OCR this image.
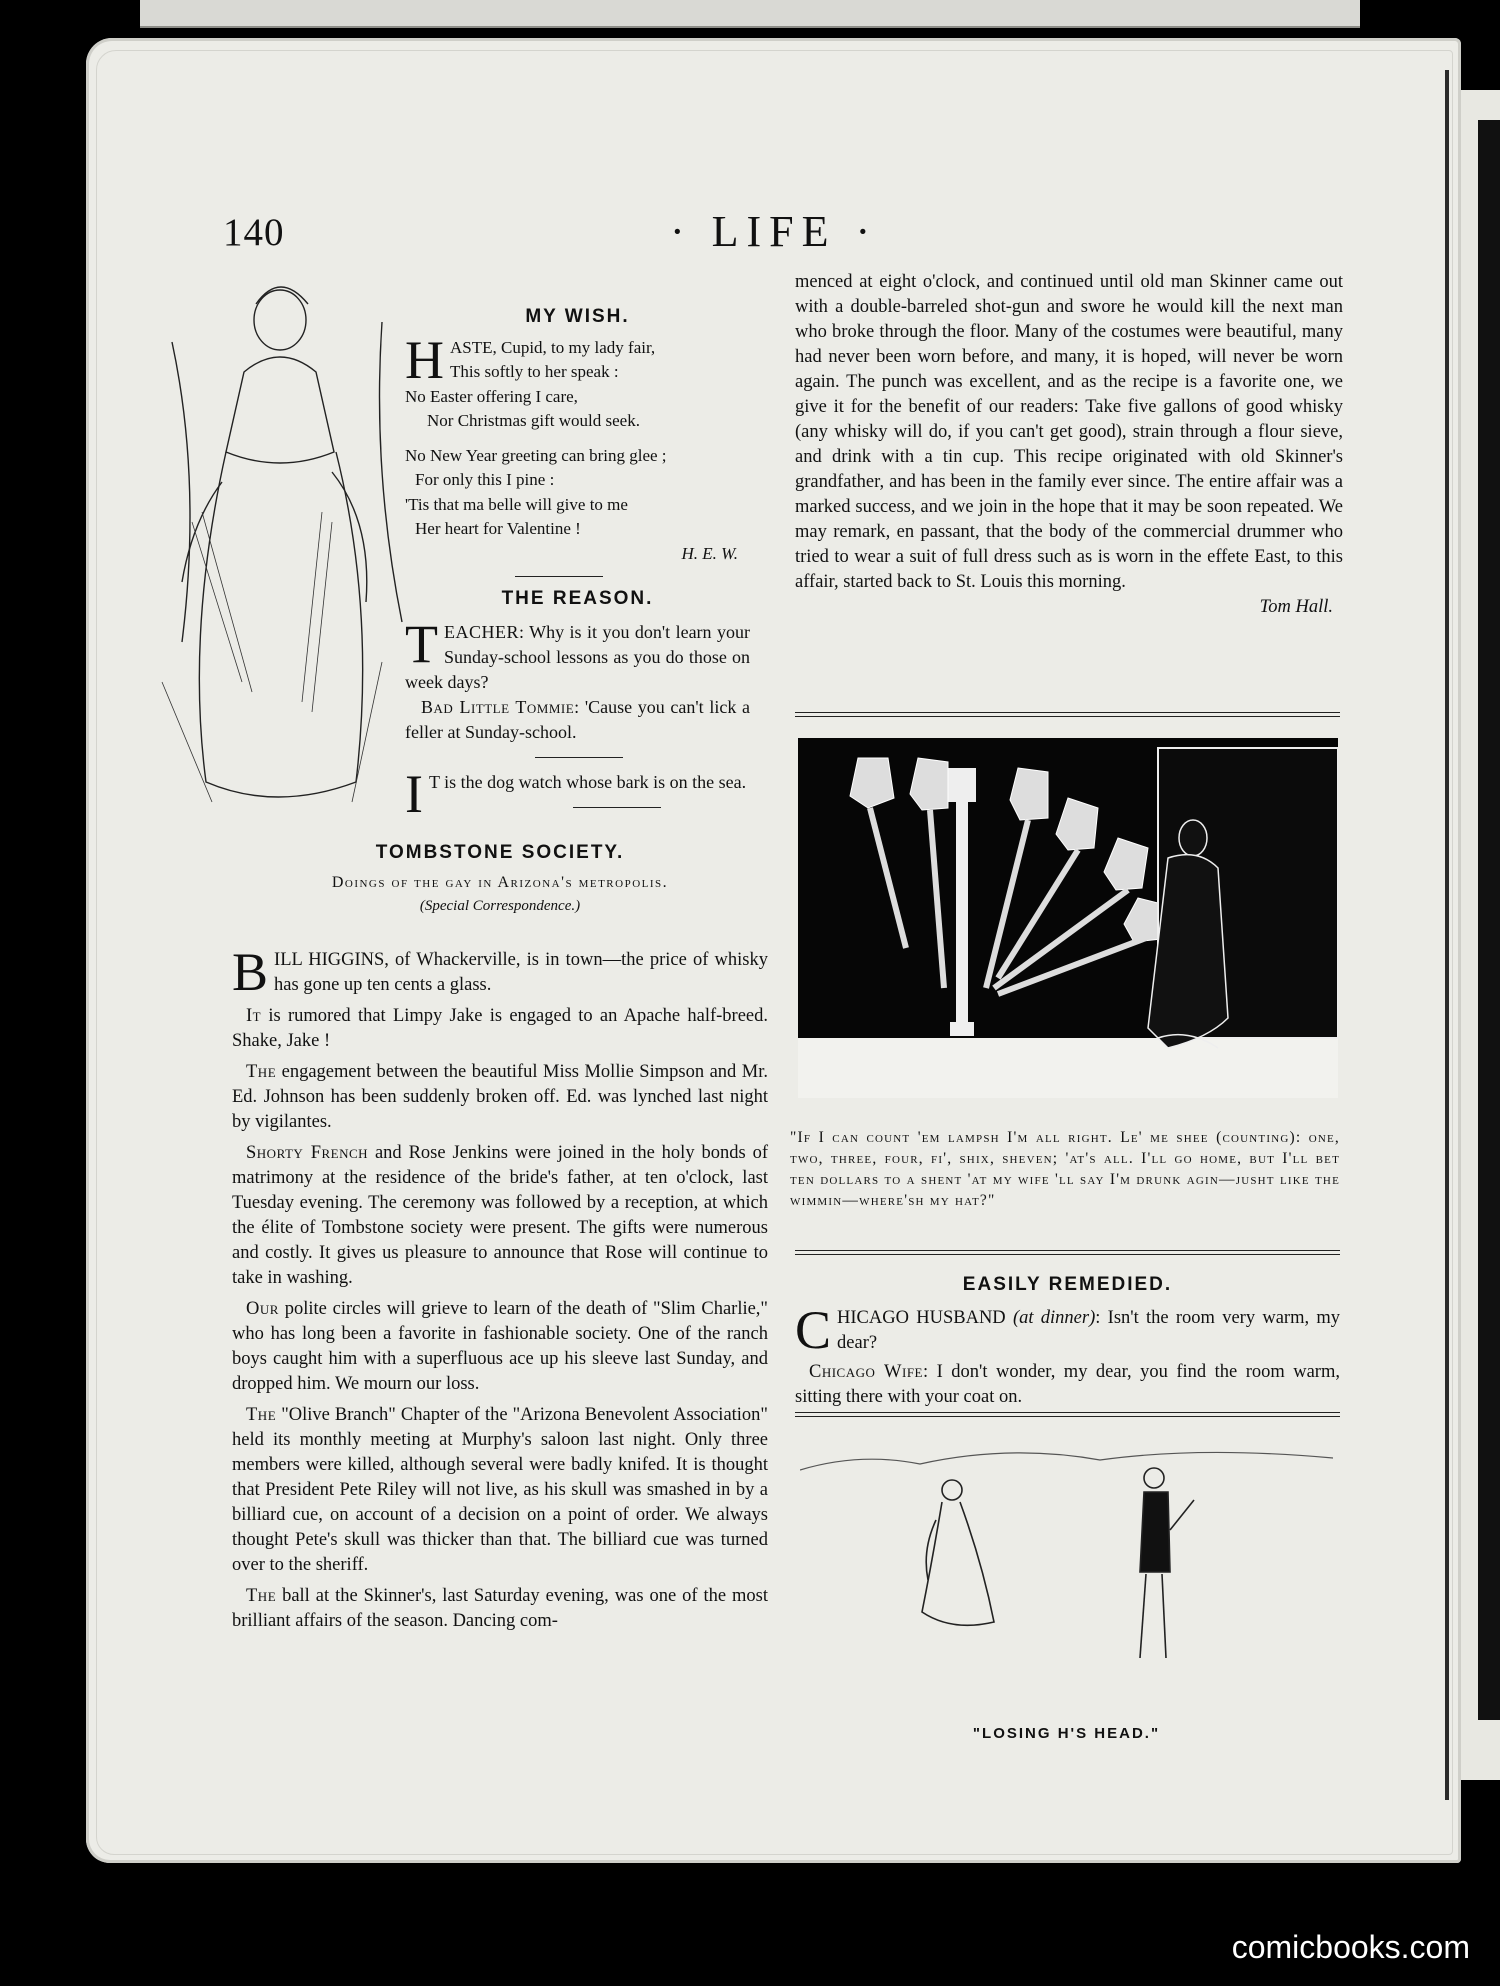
140	· LIFE ·
MY WISH.
H ASTE, Cupid, to my lady fair,
This softly to her speak :
No Easter offering I care,
Nor Christmas gift would seek.
No New Year greeting can bring glee ;
For only this I pine :
'Tis that ma belle will give to me
Her heart for Valentine !
H. E. W.
THE REASON.
T EACHER: Why is it you don't learn your Sunday-school lessons as you do those on week days?
Bad Little Tommie: 'Cause you can't lick a feller at Sunday-school.
I T is the dog watch whose bark is on the sea.
TOMBSTONE SOCIETY.
Doings of the gay in Arizona's metropolis.
(Special Correspondence.)

BILL HIGGINS, of Whackerville, is in town—the price of whisky has gone up ten cents a glass.

It is rumored that Limpy Jake is engaged to an Apache half-breed. Shake, Jake !

The engagement between the beautiful Miss Mollie Simpson and Mr. Ed. Johnson has been suddenly broken off. Ed. was lynched last night by vigilantes.

Shorty French and Rose Jenkins were joined in the holy bonds of matrimony at the residence of the bride's father, at ten o'clock, last Tuesday evening. The ceremony was followed by a reception, at which the élite of Tombstone society were present. The gifts were numerous and costly. It gives us pleasure to announce that Rose will continue to take in washing.

Our polite circles will grieve to learn of the death of "Slim Charlie," who has long been a favorite in fashionable society. One of the ranch boys caught him with a superfluous ace up his sleeve last Sunday, and dropped him. We mourn our loss.

The "Olive Branch" Chapter of the "Arizona Benevolent Association" held its monthly meeting at Murphy's saloon last night. Only three members were killed, although several were badly knifed. It is thought that President Pete Riley will not live, as his skull was smashed in by a billiard cue, on account of a decision on a point of order. We always thought Pete's skull was thicker than that. The billiard cue was turned over to the sheriff.

The ball at the Skinner's, last Saturday evening, was one of the most brilliant affairs of the season. Dancing com-

menced at eight o'clock, and continued until old man Skinner came out with a double-barreled shot-gun and swore he would kill the next man who broke through the floor. Many of the costumes were beautiful, many had never been worn before, and many, it is hoped, will never be worn again. The punch was excellent, and as the recipe is a favorite one, we give it for the benefit of our readers: Take five gallons of good whisky (any whisky will do, if you can't get good), strain through a flour sieve, and drink with a tin cup. This recipe originated with old Skinner's grandfather, and has been in the family ever since. The entire affair was a marked success, and we join in the hope that it may be soon repeated. We may remark, en passant, that the body of the commercial drummer who tried to wear a suit of full dress such as is worn in the effete East, to this affair, started back to St. Louis this morning.

Tom Hall.

"If I can count 'em lampsh I'm all right. Le' me shee (counting): one, two, three, four, fi', shix, sheven; 'at's all. I'll go home, but I'll bet ten dollars to a shent 'at my wife 'll say I'm drunk agin—jusht like the wimmin—where'sh my hat?"
EASILY REMEDIED.

CHICAGO HUSBAND (at dinner): Isn't the room very warm, my dear?

Chicago Wife: I don't wonder, my dear, you find the room warm, sitting there with your coat on.

"LOSING H'S HEAD."
comicbooks.com
